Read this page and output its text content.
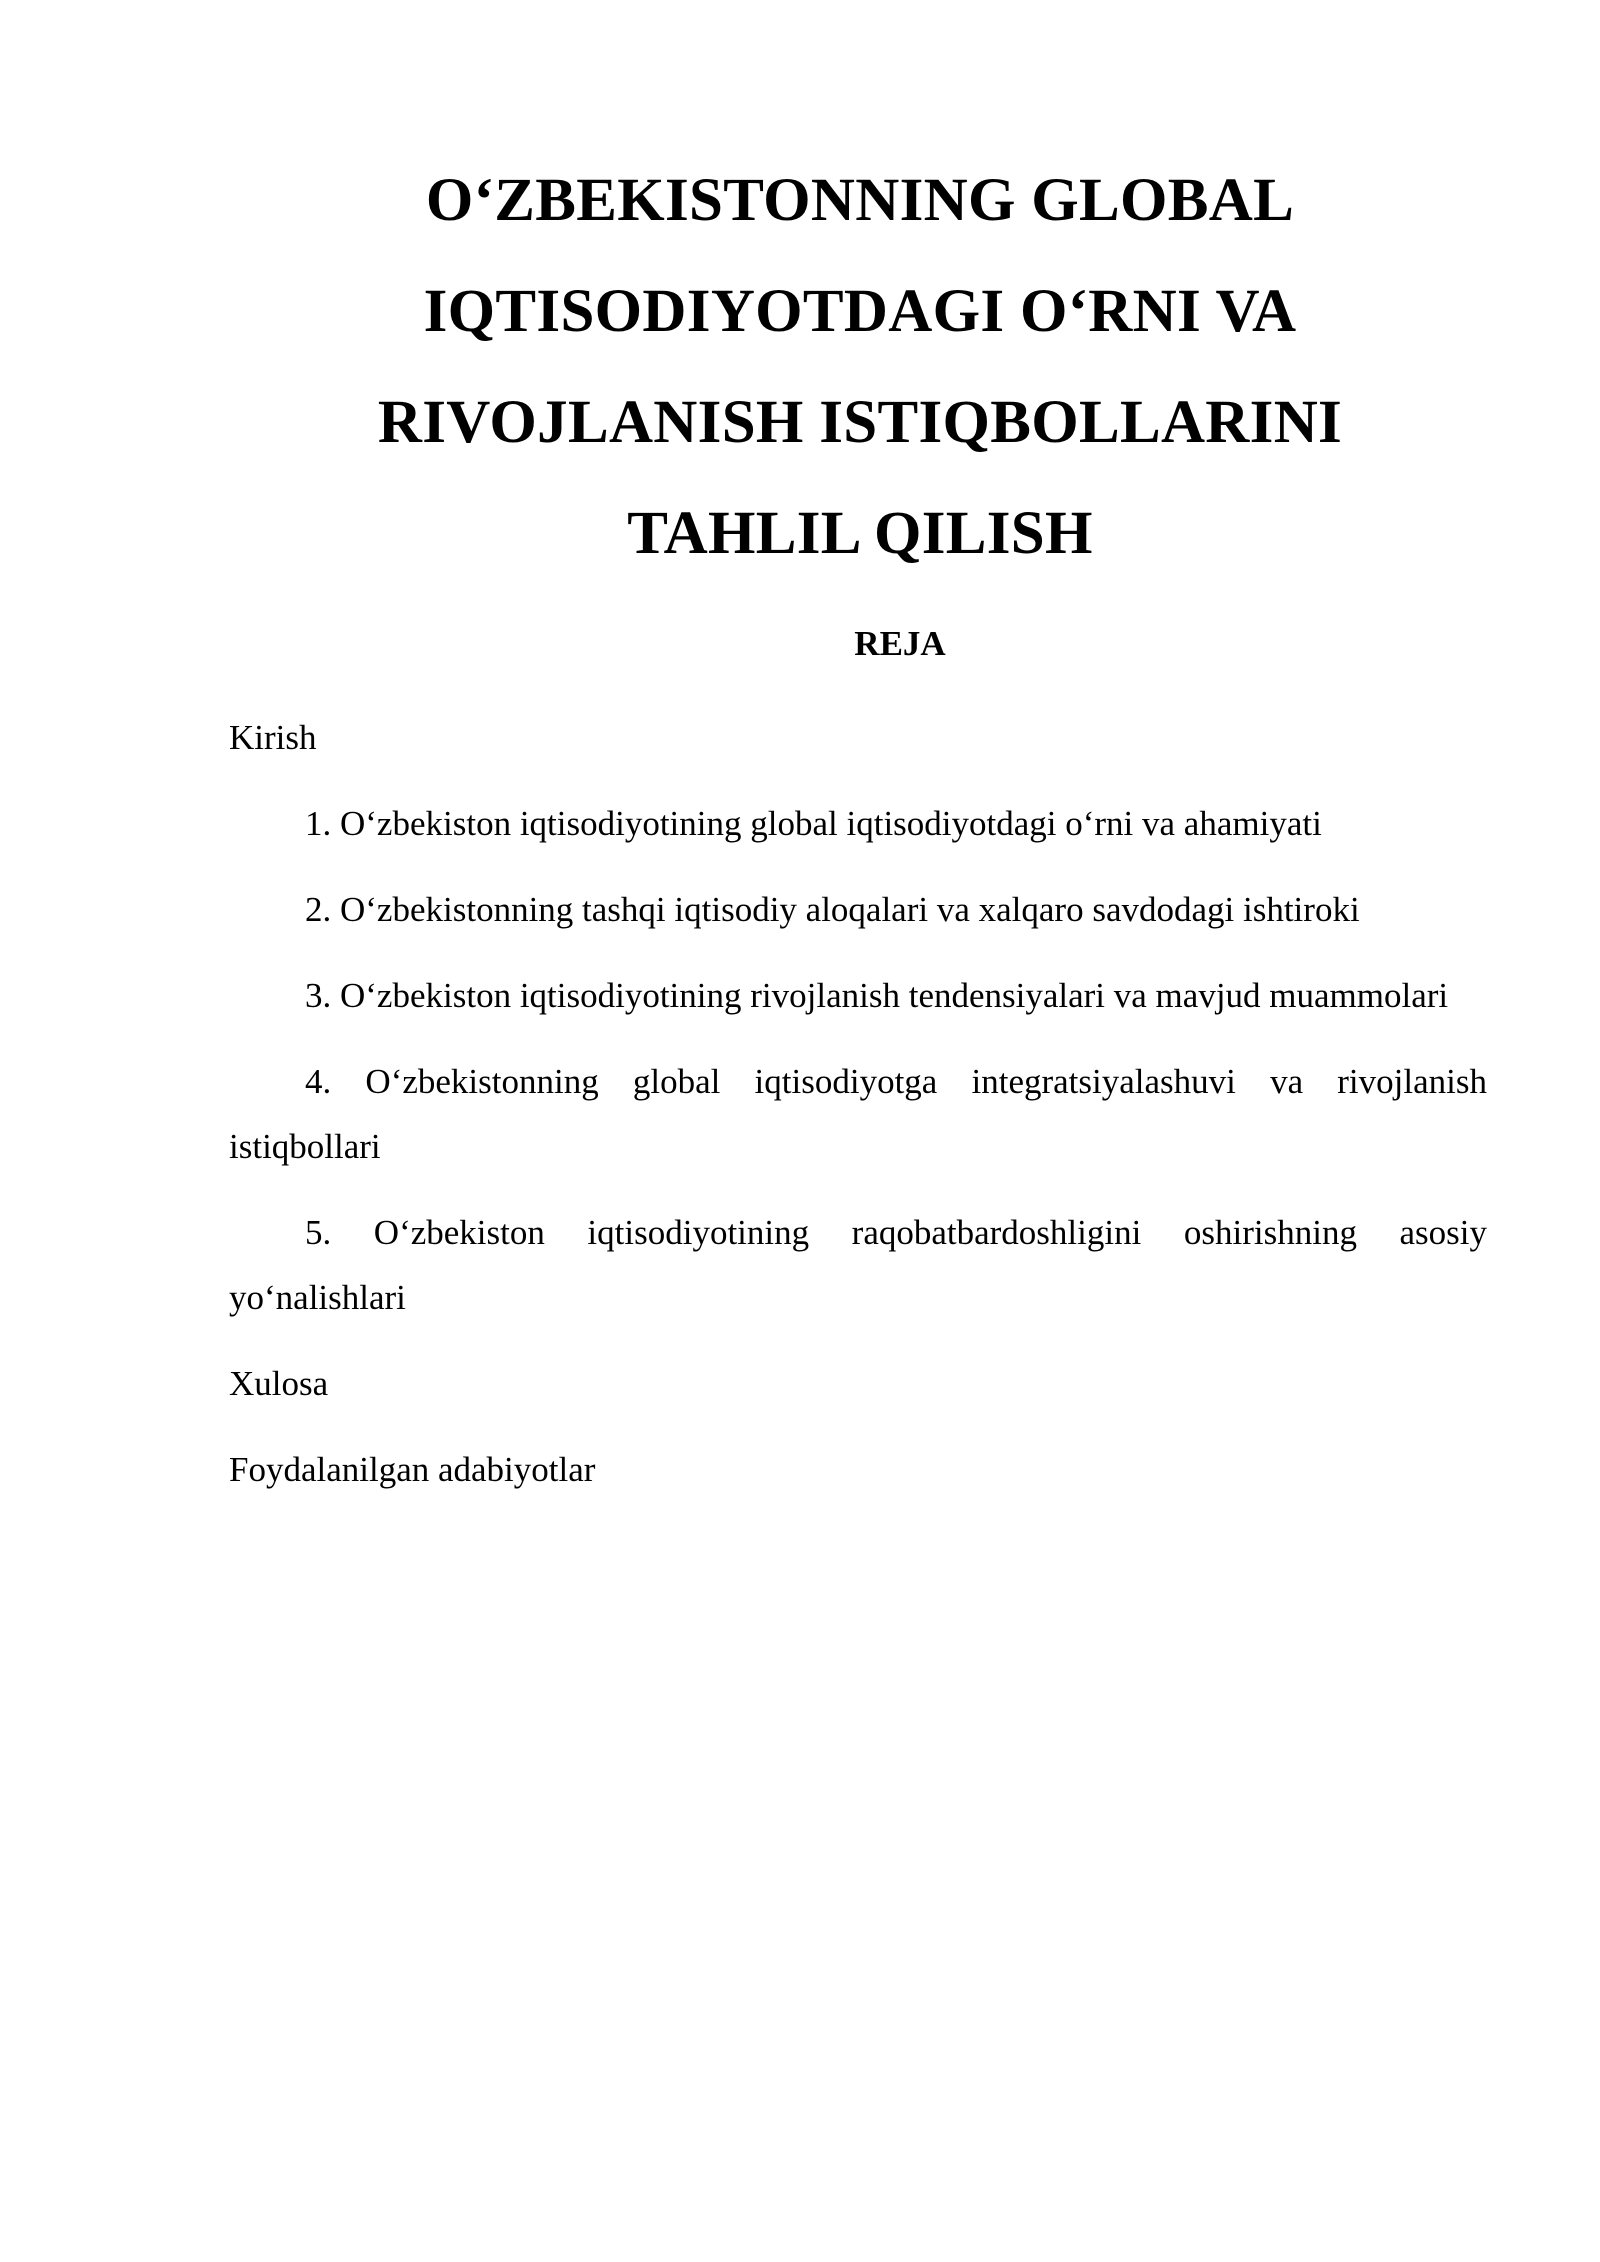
O‘ZBEKISTONNING GLOBAL
IQTISODIYOTDAGI O‘RNI VA
RIVOJLANISH ISTIQBOLLARINI
TAHLIL QILISH
REJA

Kirish

1. O‘zbekiston iqtisodiyotining global iqtisodiyotdagi o‘rni va ahamiyati

2. O‘zbekistonning tashqi iqtisodiy aloqalari va xalqaro savdodagi ishtiroki

3. O‘zbekiston iqtisodiyotining rivojlanish tendensiyalari va mavjud muammolari

4. O‘zbekistonning global iqtisodiyotga integratsiyalashuvi va rivojlanish istiqbollari

5. O‘zbekiston iqtisodiyotining raqobatbardoshligini oshirishning asosiy yo‘nalishlari

Xulosa

Foydalanilgan adabiyotlar
